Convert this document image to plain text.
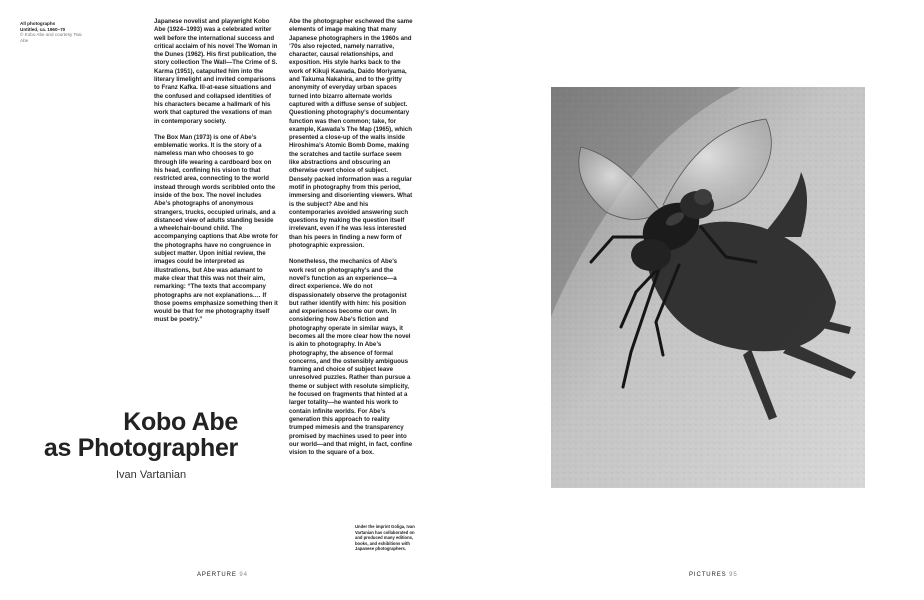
All photographs
Untitled, ca. 1960–70
© Kobo Abe and courtesy Tsai Abe

Japanese novelist and playwright Kobo Abe (1924–1993) was a celebrated writer well before the international success and critical acclaim of his novel The Woman in the Dunes (1962). His first publication, the story collection The Wall—The Crime of S. Karma (1951), catapulted him into the literary limelight and invited comparisons to Franz Kafka. Ill-at-ease situations and the confused and collapsed identities of his characters became a hallmark of his work that captured the vexations of man in contemporary society.

The Box Man (1973) is one of Abe’s emblematic works. It is the story of a nameless man who chooses to go through life wearing a cardboard box on his head, confining his vision to that restricted area, connecting to the world instead through words scribbled onto the inside of the box. The novel includes Abe’s photographs of anonymous strangers, trucks, occupied urinals, and a distanced view of adults standing beside a wheelchair-bound child. The accompanying captions that Abe wrote for the photographs have no congruence in subject matter. Upon initial review, the images could be interpreted as illustrations, but Abe was adamant to make clear that this was not their aim, remarking: “The texts that accompany photographs are not explanations.… If those poems emphasize something then it would be that for me photography itself must be poetry.”

Abe the photographer eschewed the same elements of image making that many Japanese photographers in the 1960s and ’70s also rejected, namely narrative, character, causal relationships, and exposition. His style harks back to the work of Kikuji Kawada, Daido Moriyama, and Takuma Nakahira, and to the gritty anonymity of everyday urban spaces turned into bizarro alternate worlds captured with a diffuse sense of subject. Questioning photography’s documentary function was then common; take, for example, Kawada’s The Map (1965), which presented a close-up of the walls inside Hiroshima’s Atomic Bomb Dome, making the scratches and tactile surface seem like abstractions and obscuring an otherwise overt choice of subject. Densely packed information was a regular motif in photography from this period, immersing and disorienting viewers. What is the subject? Abe and his contemporaries avoided answering such questions by making the question itself irrelevant, even if he was less interested than his peers in finding a new form of photographic expression.

Nonetheless, the mechanics of Abe’s work rest on photography’s and the novel’s function as an experience—a direct experience. We do not dispassionately observe the protagonist but rather identify with him: his position and experiences become our own. In considering how Abe’s fiction and photography operate in similar ways, it becomes all the more clear how the novel is akin to photography. In Abe’s photography, the absence of formal concerns, and the ostensibly ambiguous framing and choice of subject leave unresolved puzzles. Rather than pursue a theme or subject with resolute simplicity, he focused on fragments that hinted at a larger totality—he wanted his work to contain infinite worlds. For Abe’s generation this approach to reality trumped mimesis and the transparency promised by machines used to peer into our world—and that might, in fact, confine vision to the square of a box.

Kobo Abe
as Photographer
Ivan Vartanian
Under the imprint Goliga, Ivan Vartanian has collaborated on and produced many editions, books, and exhibitions with Japanese photographers.
APERTURE 94	PICTURES 95
